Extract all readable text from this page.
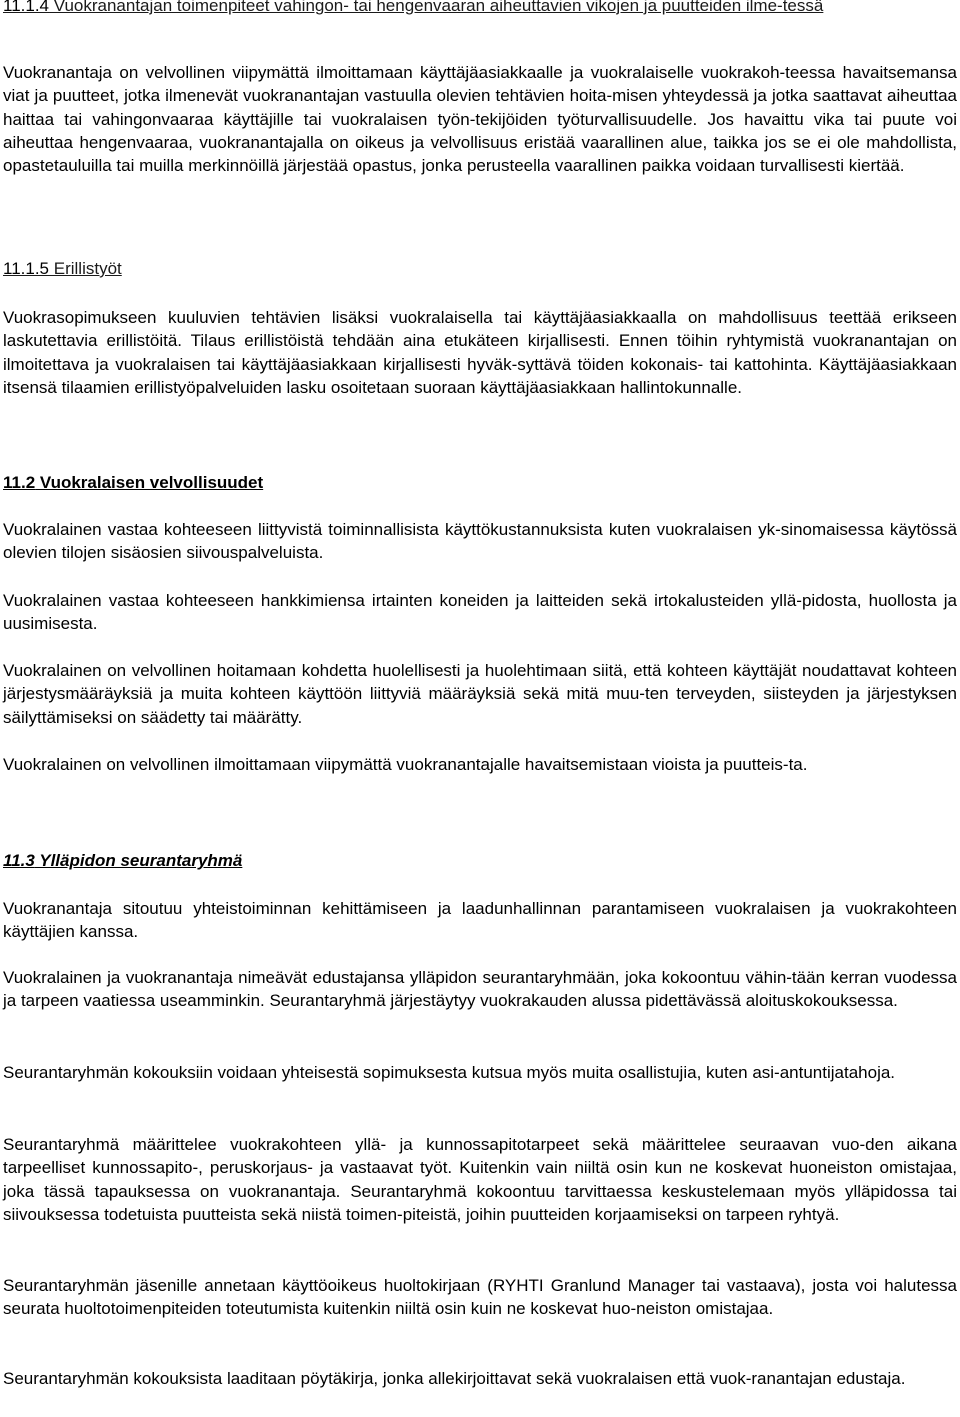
11.1.4 Vuokranantajan toimenpiteet vahingon- tai hengenvaaran aiheuttavien vikojen ja puutteiden ilme-tessä

Vuokranantaja on velvollinen viipymättä ilmoittamaan käyttäjäasiakkaalle ja vuokralaiselle vuokrakoh-teessa havaitsemansa viat ja puutteet, jotka ilmenevät vuokranantajan vastuulla olevien tehtävien hoita-misen yhteydessä ja jotka saattavat aiheuttaa haittaa tai vahingonvaaraa käyttäjille tai vuokralaisen työn-tekijöiden työturvallisuudelle. Jos havaittu vika tai puute voi aiheuttaa hengenvaaraa, vuokranantajalla on oikeus ja velvollisuus eristää vaarallinen alue, taikka jos se ei ole mahdollista, opastetauluilla tai muilla merkinnöillä järjestää opastus, jonka perusteella vaarallinen paikka voidaan turvallisesti kiertää.

11.1.5 Erillistyöt

Vuokrasopimukseen kuuluvien tehtävien lisäksi vuokralaisella tai käyttäjäasiakkaalla on mahdollisuus teettää erikseen laskutettavia erillistöitä. Tilaus erillistöistä tehdään aina etukäteen kirjallisesti. Ennen töihin ryhtymistä vuokranantajan on ilmoitettava ja vuokralaisen tai käyttäjäasiakkaan kirjallisesti hyväk-syttävä töiden kokonais- tai kattohinta. Käyttäjäasiakkaan itsensä tilaamien erillistyöpalveluiden lasku osoitetaan suoraan käyttäjäasiakkaan hallintokunnalle.

11.2 Vuokralaisen velvollisuudet

Vuokralainen vastaa kohteeseen liittyvistä toiminnallisista käyttökustannuksista kuten vuokralaisen yk-sinomaisessa käytössä olevien tilojen sisäosien siivouspalveluista.

Vuokralainen vastaa kohteeseen hankkimiensa irtainten koneiden ja laitteiden sekä irtokalusteiden yllä-pidosta, huollosta ja uusimisesta.

Vuokralainen on velvollinen hoitamaan kohdetta huolellisesti ja huolehtimaan siitä, että kohteen käyttäjät noudattavat kohteen järjestysmääräyksiä ja muita kohteen käyttöön liittyviä määräyksiä sekä mitä muu-ten terveyden, siisteyden ja järjestyksen säilyttämiseksi on säädetty tai määrätty.

Vuokralainen on velvollinen ilmoittamaan viipymättä vuokranantajalle havaitsemistaan vioista ja puutteis-ta.

11.3 Ylläpidon seurantaryhmä

Vuokranantaja sitoutuu yhteistoiminnan kehittämiseen ja laadunhallinnan parantamiseen vuokralaisen ja vuokrakohteen käyttäjien kanssa.

Vuokralainen ja vuokranantaja nimeävät edustajansa ylläpidon seurantaryhmään, joka kokoontuu vähin-tään kerran vuodessa ja tarpeen vaatiessa useamminkin. Seurantaryhmä järjestäytyy vuokrakauden alussa pidettävässä aloituskokouksessa.

Seurantaryhmän kokouksiin voidaan yhteisestä sopimuksesta kutsua myös muita osallistujia, kuten asi-antuntijatahoja.

Seurantaryhmä määrittelee vuokrakohteen yllä- ja kunnossapitotarpeet sekä määrittelee seuraavan vuo-den aikana tarpeelliset kunnossapito-, peruskorjaus- ja vastaavat työt. Kuitenkin vain niiltä osin kun ne koskevat huoneiston omistajaa, joka tässä tapauksessa on vuokranantaja. Seurantaryhmä kokoontuu tarvittaessa keskustelemaan myös ylläpidossa tai siivouksessa todetuista puutteista sekä niistä toimen-piteistä, joihin puutteiden korjaamiseksi on tarpeen ryhtyä.

Seurantaryhmän jäsenille annetaan käyttöoikeus huoltokirjaan (RYHTI Granlund Manager tai vastaava), josta voi halutessa seurata huoltotoimenpiteiden toteutumista kuitenkin niiltä osin kuin ne koskevat huo-neiston omistajaa.

Seurantaryhmän kokouksista laaditaan pöytäkirja, jonka allekirjoittavat sekä vuokralaisen että vuok-ranantajan edustaja.
